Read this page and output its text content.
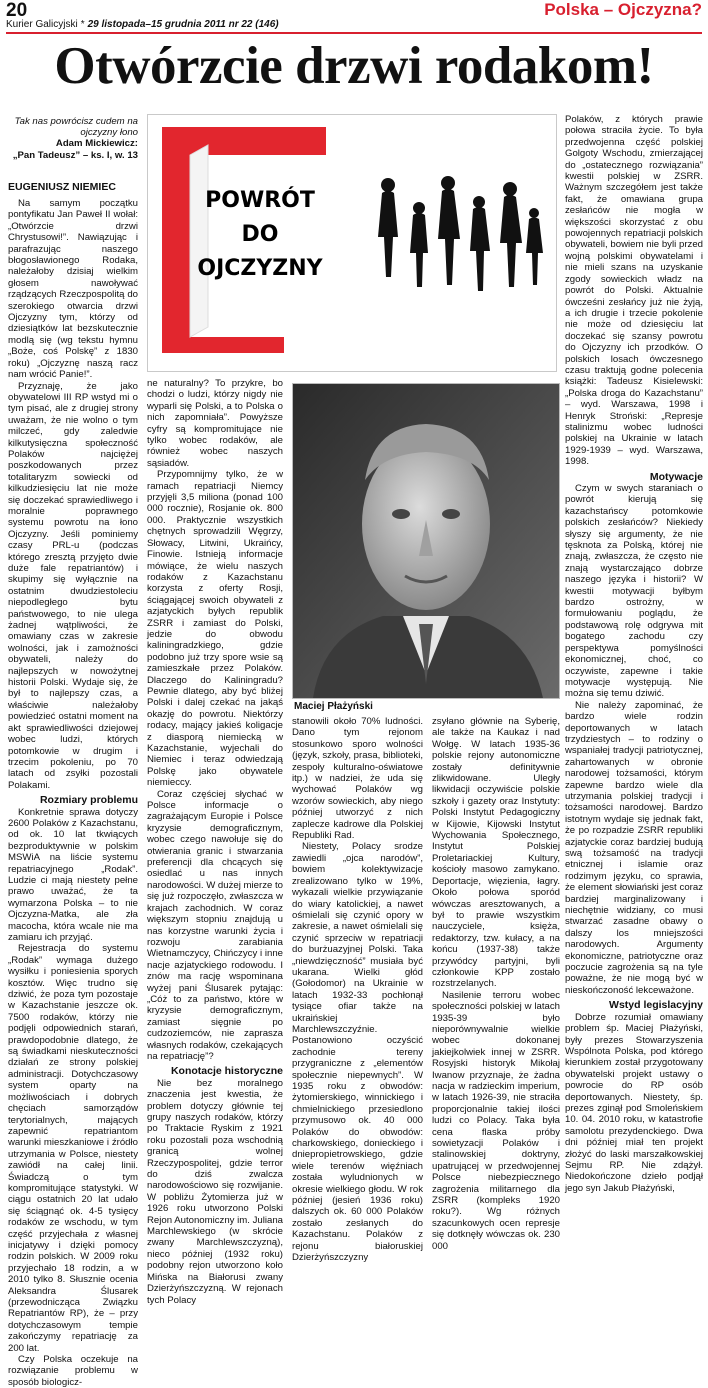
20
Kurier Galicyjski * 29 listopada–15 grudnia 2011 nr 22 (146)
Polska – Ojczyzna?
Otwórzcie drzwi rodakom!
Tak nas powrócisz cudem na ojczyzny łono
Adam Mickiewicz:
„Pan Tadeusz” – ks. I, w. 13
EUGENIUSZ NIEMIEC

Na samym początku pontyfikatu Jan Paweł II wołał: „Otwórzcie drzwi Chrystusowi!”. Nawiązując i parafrazując naszego błogosławionego Rodaka, należałoby dzisiaj wielkim głosem nawoływać rządzących Rzeczpospolitą do szerokiego otwarcia drzwi Ojczyzny tym, którzy od dziesiątków lat bezskutecznie modlą się (wg tekstu hymnu „Boże, coś Polskę” z 1830 roku) „Ojczyznę naszą racz nam wrócić Panie!”.

Przyznaję, że jako obywatelowi III RP wstyd mi o tym pisać, ale z drugiej strony uważam, że nie wolno o tym milczeć, gdy zaledwie kilkutysięczna społeczność Polaków najciężej poszkodowanych przez totalitaryzm sowiecki od kilkudziesięciu lat nie może się doczekać sprawiedliwego i moralnie poprawnego systemu powrotu na łono Ojczyzny. Jeśli pominiemy czasy PRL-u (podczas którego zresztą przyjęto dwie duże fale repatriantów) i skupimy się wyłącznie na ostatnim dwudziestoleciu niepodległego bytu państwowego, to nie ulega żadnej wątpliwości, że omawiany czas w zakresie wolności, jak i zamożności obywateli, należy do najlepszych w nowożytnej historii Polski. Wydaje się, że był to najlepszy czas, a właściwie należałoby powiedzieć ostatni moment na akt sprawiedliwości dziejowej wobec ludzi, których potomkowie w drugim i trzecim pokoleniu, po 70 latach od zsyłki pozostali Polakami.

Rozmiary problemu

Konkretnie sprawa dotyczy 2600 Polaków z Kazachstanu, od ok. 10 lat tkwiących bezproduktywnie w polskim MSWiA na liście systemu repatriacyjnego „Rodak”. Ludzie ci mają niestety pełne prawo uważać, że ta wymarzona Polska – to nie Ojczyzna-Matka, ale zła macocha, która wcale nie ma zamiaru ich przyjąć.

Rejestracja do systemu „Rodak” wymaga dużego wysiłku i poniesienia sporych kosztów. Więc trudno się dziwić, że poza tym pozostaje w Kazachstanie jeszcze ok. 7500 rodaków, którzy nie podjęli odpowiednich starań, prawdopodobnie dlatego, że są świadkami nieskuteczności działań ze strony polskiej administracji. Dotychczasowy system oparty na możliwościach i dobrych chęciach samorządów terytorialnych, mających zapewnić repatriantom warunki mieszkaniowe i źródło utrzymania w Polsce, niestety zawiódł na całej linii. Świadczą o tym kompromitujące statystyki. W ciągu ostatnich 20 lat udało się ściągnąć ok. 4-5 tysięcy rodaków ze wschodu, w tym część przyjechała z własnej inicjatywy i dzięki pomocy rodzin polskich. W 2009 roku przyjechało 18 rodzin, a w 2010 tylko 8. Słusznie ocenia Aleksandra Ślusarek (przewodnicząca Związku Repatriantów RP), że – przy dotychczasowym tempie zakończymy repatriację za 200 lat.

Czy Polska oczekuje na rozwiązanie problemu w sposób biologicz-

POWRÓT
DO
OJCZYZNY

ne naturalny? To przykre, bo chodzi o ludzi, którzy nigdy nie wyparli się Polski, a to Polska o nich zapomniała”. Powyższe cyfry są kompromitujące nie tylko wobec rodaków, ale również wobec naszych sąsiadów.

Przypomnijmy tylko, że w ramach repatriacji Niemcy przyjęli 3,5 miliona (ponad 100 000 rocznie), Rosjanie ok. 800 000. Praktycznie wszystkich chętnych sprowadzili Węgrzy, Słowacy, Litwini, Ukraińcy, Finowie. Istnieją informacje mówiące, że wielu naszych rodaków z Kazachstanu korzysta z oferty Rosji, ściągającej swoich obywateli z azjatyckich byłych republik ZSRR i zamiast do Polski, jedzie do obwodu kaliningradzkiego, gdzie podobno już trzy spore wsie są zamieszkałe przez Polaków. Dlaczego do Kaliningradu? Pewnie dlatego, aby być bliżej Polski i dalej czekać na jakąś okazję do powrotu. Niektórzy rodacy, mający jakieś koligacje z diasporą niemiecką w Kazachstanie, wyjechali do Niemiec i teraz odwiedzają Polskę jako obywatele niemieccy.

Coraz częściej słychać w Polsce informacje o zagrażającym Europie i Polsce kryzysie demograficznym, wobec czego nawołuje się do otwierania granic i stwarzania preferencji dla chcących się osiedlać u nas innych narodowości. W dużej mierze to się już rozpoczęło, zwłaszcza w krajach zachodnich. W coraz większym stopniu znajdują u nas korzystne warunki życia i rozwoju zarabiania Wietnamczycy, Chińczycy i inne nacje azjatyckiego rodowodu. I znów ma rację wspominana wyżej pani Ślusarek pytając: „Cóż to za państwo, które w kryzysie demograficznym, zamiast sięgnie po cudzoziemców, nie zaprasza własnych rodaków, czekających na repatriację”?

Konotacje historyczne

Nie bez moralnego znaczenia jest kwestia, że problem dotyczy głównie tej grupy naszych rodaków, którzy po Traktacie Ryskim z 1921 roku pozostali poza wschodnią granicą wolnej Rzeczypospolitej, gdzie terror do dziś zwalcza narodowościowo się rozwijanie. W pobliżu Żytomierza już w 1926 roku utworzono Polski Rejon Autonomiczny im. Juliana Marchlewskiego (w skrócie zwany Marchlewszczyzną), nieco później (1932 roku) podobny rejon utworzono koło Mińska na Białorusi zwany Dzierżyńszczyzną. W rejonach tych Polacy

Maciej Płażyński

stanowili około 70% ludności. Dano tym rejonom stosunkowo sporo wolności (język, szkoły, prasa, biblioteki, zespoły kulturalno-oświatowe itp.) w nadziei, że uda się wychować Polaków wg wzorów sowieckich, aby niego później utworzyć z nich zaplecze kadrowe dla Polskiej Republiki Rad.

Niestety, Polacy srodze zawiedli „ojca narodów”, bowiem kolektywizacje zrealizowano tylko w 19%, wykazali wielkie przywiązanie do wiary katolickiej, a nawet ośmielali się czynić opory w zakresie, a nawet ośmielali się czynić sprzeciw w repatriacji do burżuazyjnej Polski. Taka „niewdzięczność” musiała być ukarana. Wielki głód (Gołodomor) na Ukrainie w latach 1932-33 pochłonął tysiące ofiar także na ukraińskiej Marchlewszczyźnie. Postanowiono oczyścić zachodnie tereny przygraniczne z „elementów społecznie niepewnych”. W 1935 roku z obwodów: żytomierskiego, winnickiego i chmielnickiego przesiedlono przymusowo ok. 40 000 Polaków do obwodów: charkowskiego, donieckiego i dniepropietrowskiego, gdzie wiele terenów więźniach została wyludnionych w okresie wielkiego głodu. W rok później (jesień 1936 roku) dalszych ok. 60 000 Polaków zostało zesłanych do Kazachstanu. Polaków z rejonu białoruskiej Dzierżyńszczyzny

zsyłano głównie na Syberię, ale także na Kaukaz i nad Wołgę. W latach 1935-36 polskie rejony autonomiczne zostały definitywnie zlikwidowane. Uległy likwidacji oczywiście polskie szkoły i gazety oraz Instytuty: Polski Instytut Pedagogiczny w Kijowie, Kijowski Instytut Wychowania Społecznego, Instytut Polskiej Proletariackiej Kultury, kościoły masowo zamykano. Deportacje, więzienia, łagry. Około połowa sporód wówczas aresztowanych, a był to prawie wszystkim nauczyciele, księża, redaktorzy, tzw. kułacy, a na końcu (1937-38) także przywódcy partyjni, byli członkowie KPP zostało rozstrzelanych.

Nasilenie terroru wobec społeczności polskiej w latach 1935-39 było nieporównywalnie wielkie wobec dokonanej jakiejkolwiek innej w ZSRR. Rosyjski historyk Mikołaj Iwanow przyznaje, że żadna nacja w radzieckim imperium, w latach 1926-39, nie straciła proporcjonalnie takiej ilości ludzi co Polacy. Taka była cena flaska próby sowietyzacji Polaków i stalinowskiej doktryny, upatrującej w przedwojennej Polsce niebezpiecznego zagrożenia militarnego dla ZSRR (kompleks 1920 roku?). Wg różnych szacunkowych ocen represje się dotknęły wówczas ok. 230 000

Polaków, z których prawie połowa straciła życie. To była przedwojenna część polskiej Golgoty Wschodu, zmierzającej do „ostatecznego rozwiązania” kwestii polskiej w ZSRR. Ważnym szczegółem jest także fakt, że omawiana grupa zesłańców nie mogła w większości skorzystać z obu powojennych repatriacji polskich obywateli, bowiem nie byli przed wojną polskimi obywatelami i nie mieli szans na uzyskanie zgody sowieckich władz na powrót do Polski. Aktualnie ówcześni zesłańcy już nie żyją, a ich drugie i trzecie pokolenie nie może od dziesięciu lat doczekać się szansy powrotu do Ojczyzny ich przodków. O polskich losach ówczesnego czasu traktują godne polecenia książki: Tadeusz Kisielewski: „Polska droga do Kazachstanu” – wyd. Warszawa, 1998 i Henryk Stroński: „Represje stalinizmu wobec ludności polskiej na Ukrainie w latach 1929-1939 – wyd. Warszawa, 1998.

Motywacje

Czym w swych staraniach o powrót kierują się kazachstańscy potomkowie polskich zesłańców? Niekiedy słyszy się argumenty, że nie tęsknota za Polską, której nie znają, zwłaszcza, że często nie znają wystarczająco dobrze naszego języka i historii? W kwestii motywacji byłbym bardzo ostrożny, w formułowaniu poglądu, że podstawową rolę odgrywa mit bogatego zachodu czy perspektywa pomyślności ekonomicznej, choć, co oczywiste, zapewne i takie motywacje występują. Nie można się temu dziwić.

Nie należy zapominać, że bardzo wiele rodzin deportowanych w latach trzydziestych – to rodziny o wspaniałej tradycji patriotycznej, zahartowanych w obronie narodowej tożsamości, którym zapewne bardzo wiele dla utrzymania polskiej tradycji i tożsamości narodowej. Bardzo istotnym wydaje się jednak fakt, że po rozpadzie ZSRR republiki azjatyckie coraz bardziej budują swą tożsamość na tradycji etnicznej i islamie oraz rodzimym języku, co sprawia, że element słowiański jest coraz bardziej marginalizowany i niechętnie widziany, co musi stwarzać zasadne obawy o dalszy los mniejszości narodowych. Argumenty ekonomiczne, patriotyczne oraz poczucie zagrożenia są na tyle poważne, że nie mogą być w nieskończoność lekceważone.

Wstyd legislacyjny

Dobrze rozumiał omawiany problem śp. Maciej Płażyński, były prezes Stowarzyszenia Wspólnota Polska, pod którego kierunkiem został przygotowany obywatelski projekt ustawy o powrocie do RP osób deportowanych. Niestety, śp. prezes zginął pod Smoleńskiem 10. 04. 2010 roku, w katastrofie samolotu prezydenckiego. Dwa dni później miał ten projekt złożyć do laski marszałkowskiej Sejmu RP. Nie zdążył. Niedokończone dzieło podjął jego syn Jakub Płażyński,
